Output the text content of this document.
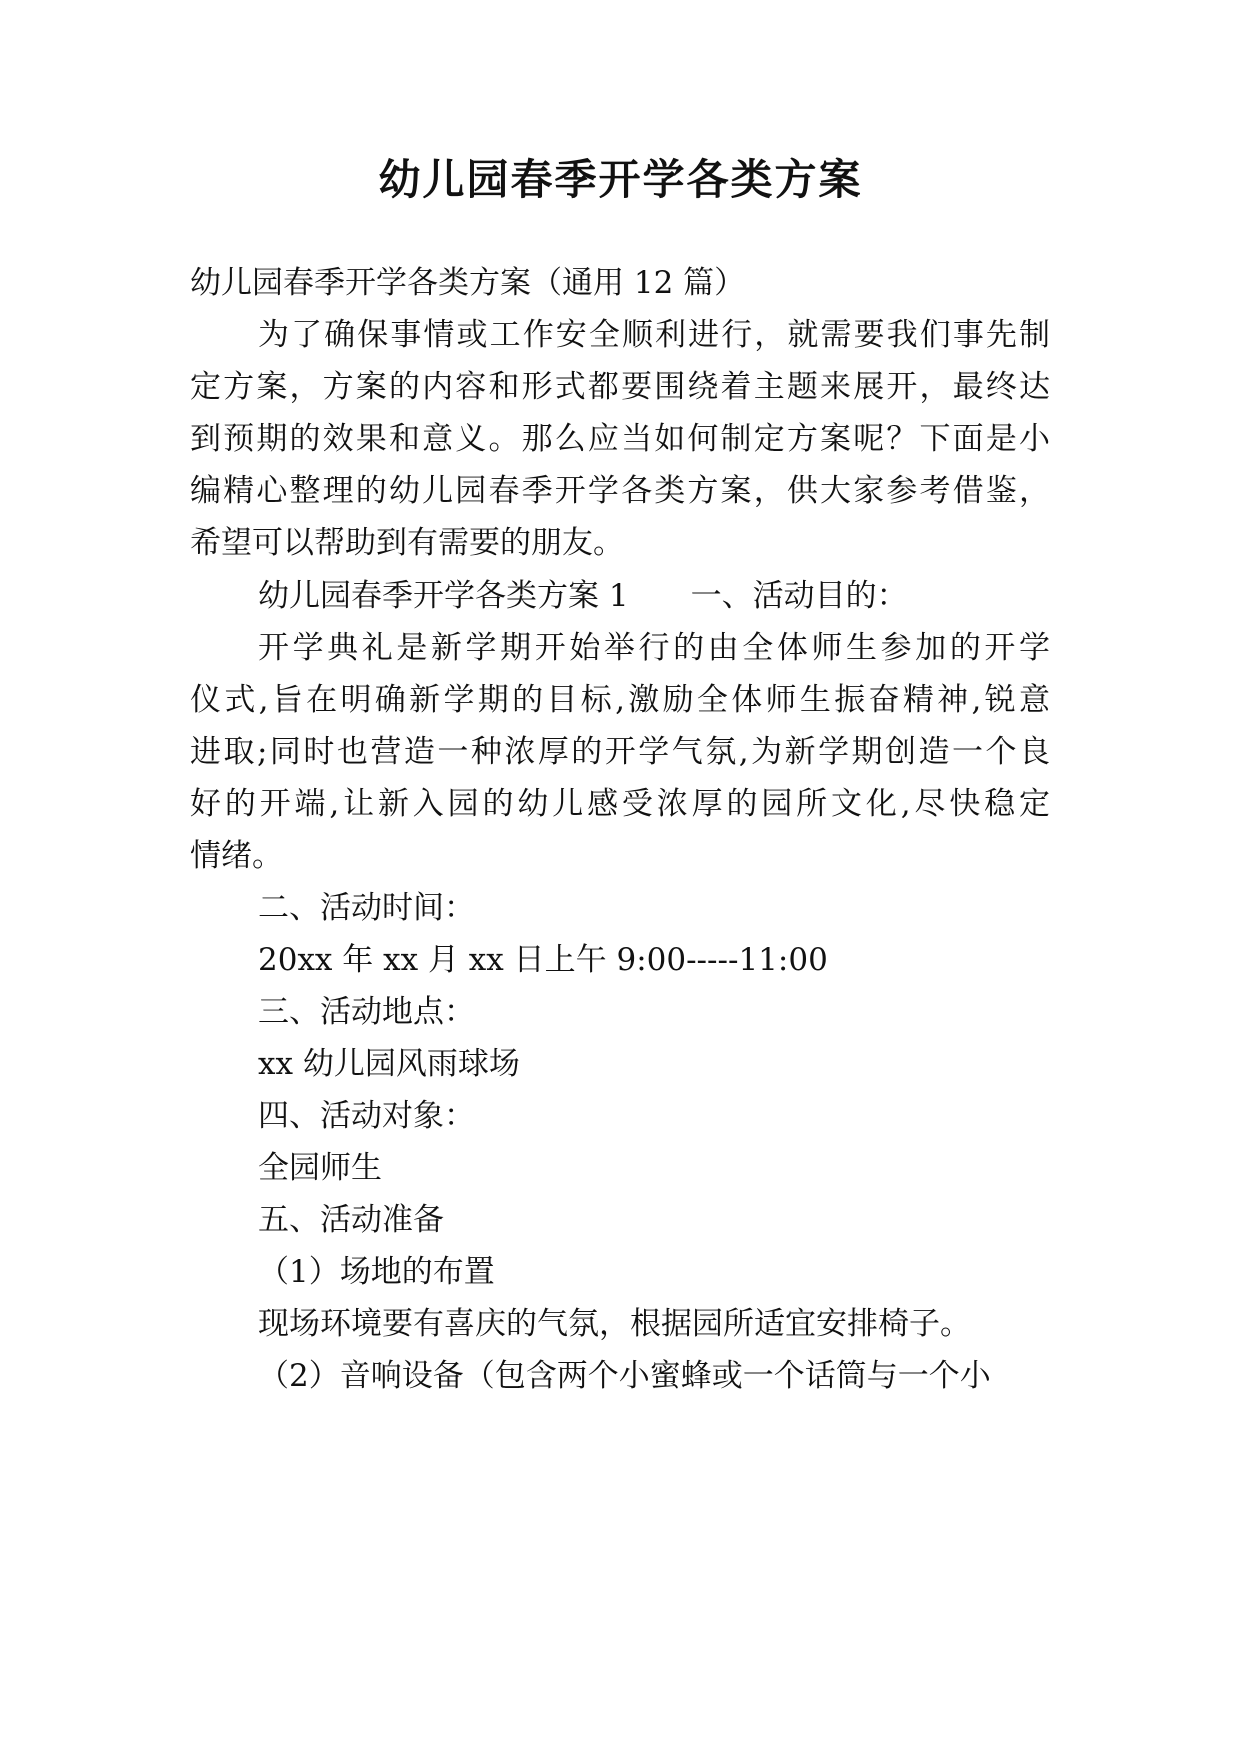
幼儿园春季开学各类方案

幼儿园春季开学各类方案（通用 12 篇）

为了确保事情或工作安全顺利进行，就需要我们事先制

定方案，方案的内容和形式都要围绕着主题来展开，最终达

到预期的效果和意义。那么应当如何制定方案呢？下面是小

编精心整理的幼儿园春季开学各类方案，供大家参考借鉴，

希望可以帮助到有需要的朋友。

幼儿园春季开学各类方案 1　　一、活动目的：

开学典礼是新学期开始举行的由全体师生参加的开学

仪式,旨在明确新学期的目标,激励全体师生振奋精神,锐意

进取;同时也营造一种浓厚的开学气氛,为新学期创造一个良

好的开端,让新入园的幼儿感受浓厚的园所文化,尽快稳定

情绪。

二、活动时间：

20xx 年 xx 月 xx 日上午 9:00-----11:00

三、活动地点：

xx 幼儿园风雨球场

四、活动对象：

全园师生

五、活动准备

（1）场地的布置

现场环境要有喜庆的气氛，根据园所适宜安排椅子。

（2）音响设备（包含两个小蜜蜂或一个话筒与一个小
